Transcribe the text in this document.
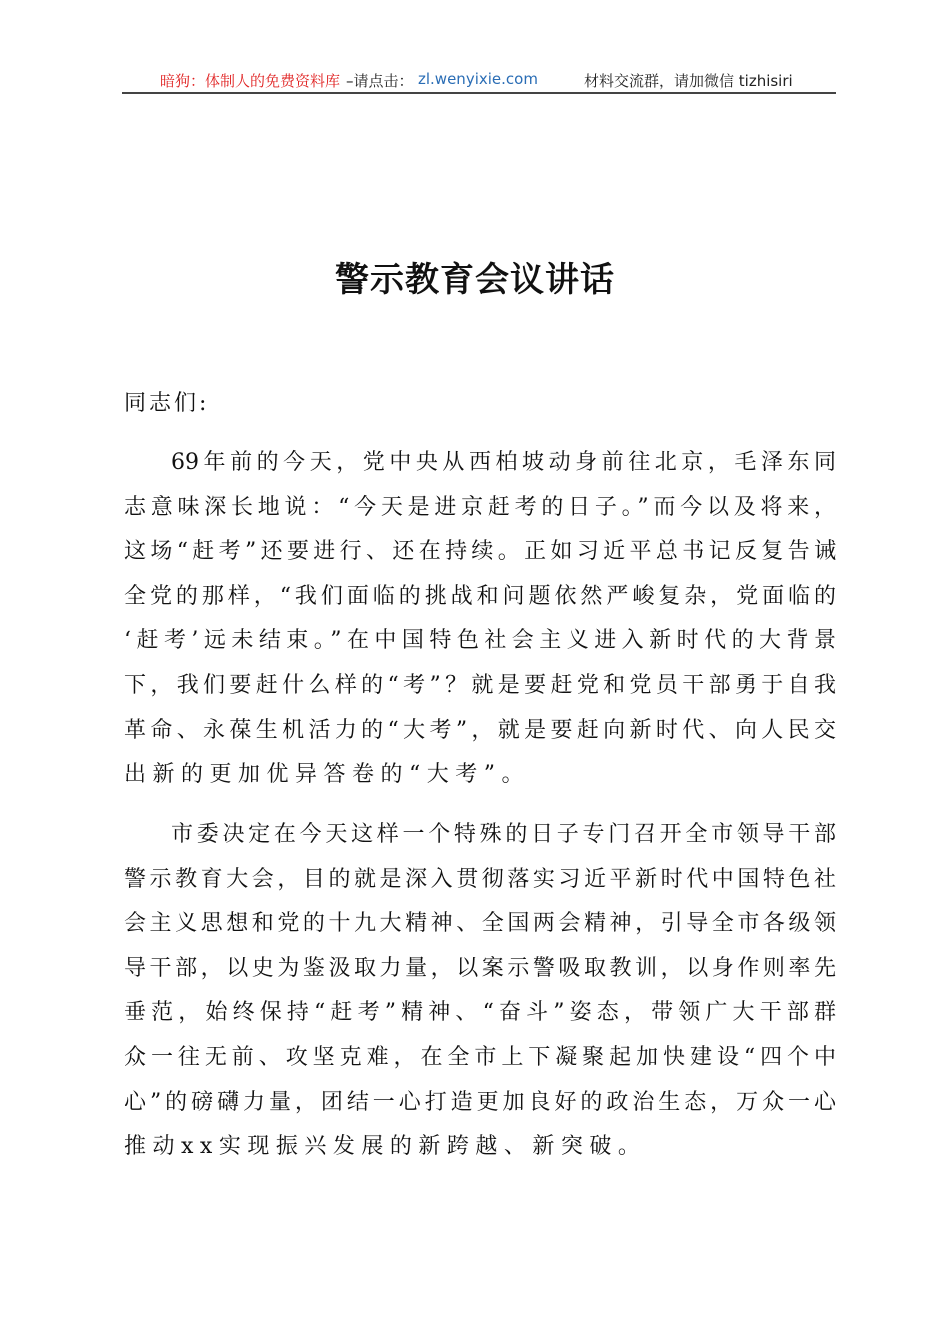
暗狗：体制人的免费资料库 –请点击： zl.wenyixie.com	材料交流群，请加微信 tizhisiri
警示教育会议讲话
同志们:
69年前的今天，党中央从西柏坡动身前往北京，毛泽东同
志意味深长地说：“今天是进京赶考的日子。”而今以及将来，
这场“赶考”还要进行、还在持续。正如习近平总书记反复告诫
全党的那样，“我们面临的挑战和问题依然严峻复杂，党面临的
‘赶考’远未结束。”在中国特色社会主义进入新时代的大背景
下，我们要赶什么样的“考”？就是要赶党和党员干部勇于自我
革命、永葆生机活力的“大考”，就是要赶向新时代、向人民交
出新的更加优异答卷的“大考”。
市委决定在今天这样一个特殊的日子专门召开全市领导干部
警示教育大会，目的就是深入贯彻落实习近平新时代中国特色社
会主义思想和党的十九大精神、全国两会精神，引导全市各级领
导干部，以史为鉴汲取力量，以案示警吸取教训，以身作则率先
垂范，始终保持“赶考”精神、“奋斗”姿态，带领广大干部群
众一往无前、攻坚克难，在全市上下凝聚起加快建设“四个中
心”的磅礴力量，团结一心打造更加良好的政治生态，万众一心
推动xx实现振兴发展的新跨越、新突破。
